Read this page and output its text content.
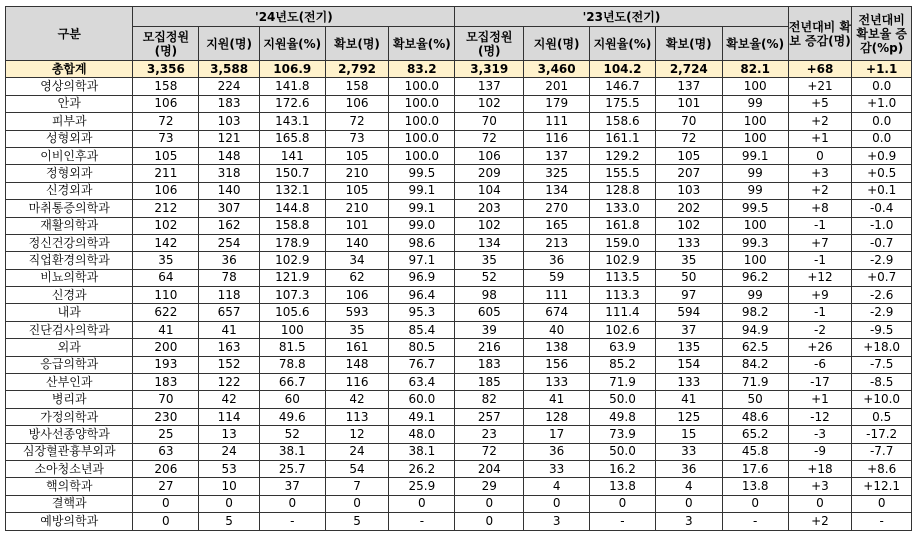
구분	'24년도(전기)					'23년도(전기)					전년대비 확보 증감(명)	전년대비 확보율 증감(%p)
	모집정원(명)	지원(명)	지원율(%)	확보(명)	확보율(%)	모집정원(명)	지원(명)	지원율(%)	확보(명)	확보율(%)		
총합계	3,356	3,588	106.9	2,792	83.2	3,319	3,460	104.2	2,724	82.1	+68	+1.1
영상의학과	158	224	141.8	158	100.0	137	201	146.7	137	100	+21	0.0
안과	106	183	172.6	106	100.0	102	179	175.5	101	99	+5	+1.0
피부과	72	103	143.1	72	100.0	70	111	158.6	70	100	+2	0.0
성형외과	73	121	165.8	73	100.0	72	116	161.1	72	100	+1	0.0
이비인후과	105	148	141	105	100.0	106	137	129.2	105	99.1	0	+0.9
정형외과	211	318	150.7	210	99.5	209	325	155.5	207	99	+3	+0.5
신경외과	106	140	132.1	105	99.1	104	134	128.8	103	99	+2	+0.1
마취통증의학과	212	307	144.8	210	99.1	203	270	133.0	202	99.5	+8	-0.4
재활의학과	102	162	158.8	101	99.0	102	165	161.8	102	100	-1	-1.0
정신건강의학과	142	254	178.9	140	98.6	134	213	159.0	133	99.3	+7	-0.7
직업환경의학과	35	36	102.9	34	97.1	35	36	102.9	35	100	-1	-2.9
비뇨의학과	64	78	121.9	62	96.9	52	59	113.5	50	96.2	+12	+0.7
신경과	110	118	107.3	106	96.4	98	111	113.3	97	99	+9	-2.6
내과	622	657	105.6	593	95.3	605	674	111.4	594	98.2	-1	-2.9
진단검사의학과	41	41	100	35	85.4	39	40	102.6	37	94.9	-2	-9.5
외과	200	163	81.5	161	80.5	216	138	63.9	135	62.5	+26	+18.0
응급의학과	193	152	78.8	148	76.7	183	156	85.2	154	84.2	-6	-7.5
산부인과	183	122	66.7	116	63.4	185	133	71.9	133	71.9	-17	-8.5
병리과	70	42	60	42	60.0	82	41	50.0	41	50	+1	+10.0
가정의학과	230	114	49.6	113	49.1	257	128	49.8	125	48.6	-12	0.5
방사선종양학과	25	13	52	12	48.0	23	17	73.9	15	65.2	-3	-17.2
심장혈관흉부외과	63	24	38.1	24	38.1	72	36	50.0	33	45.8	-9	-7.7
소아청소년과	206	53	25.7	54	26.2	204	33	16.2	36	17.6	+18	+8.6
핵의학과	27	10	37	7	25.9	29	4	13.8	4	13.8	+3	+12.1
결핵과	0	0	0	0	0	0	0	0	0	0	0	0
예방의학과	0	5	-	5	-	0	3	-	3	-	+2	-
